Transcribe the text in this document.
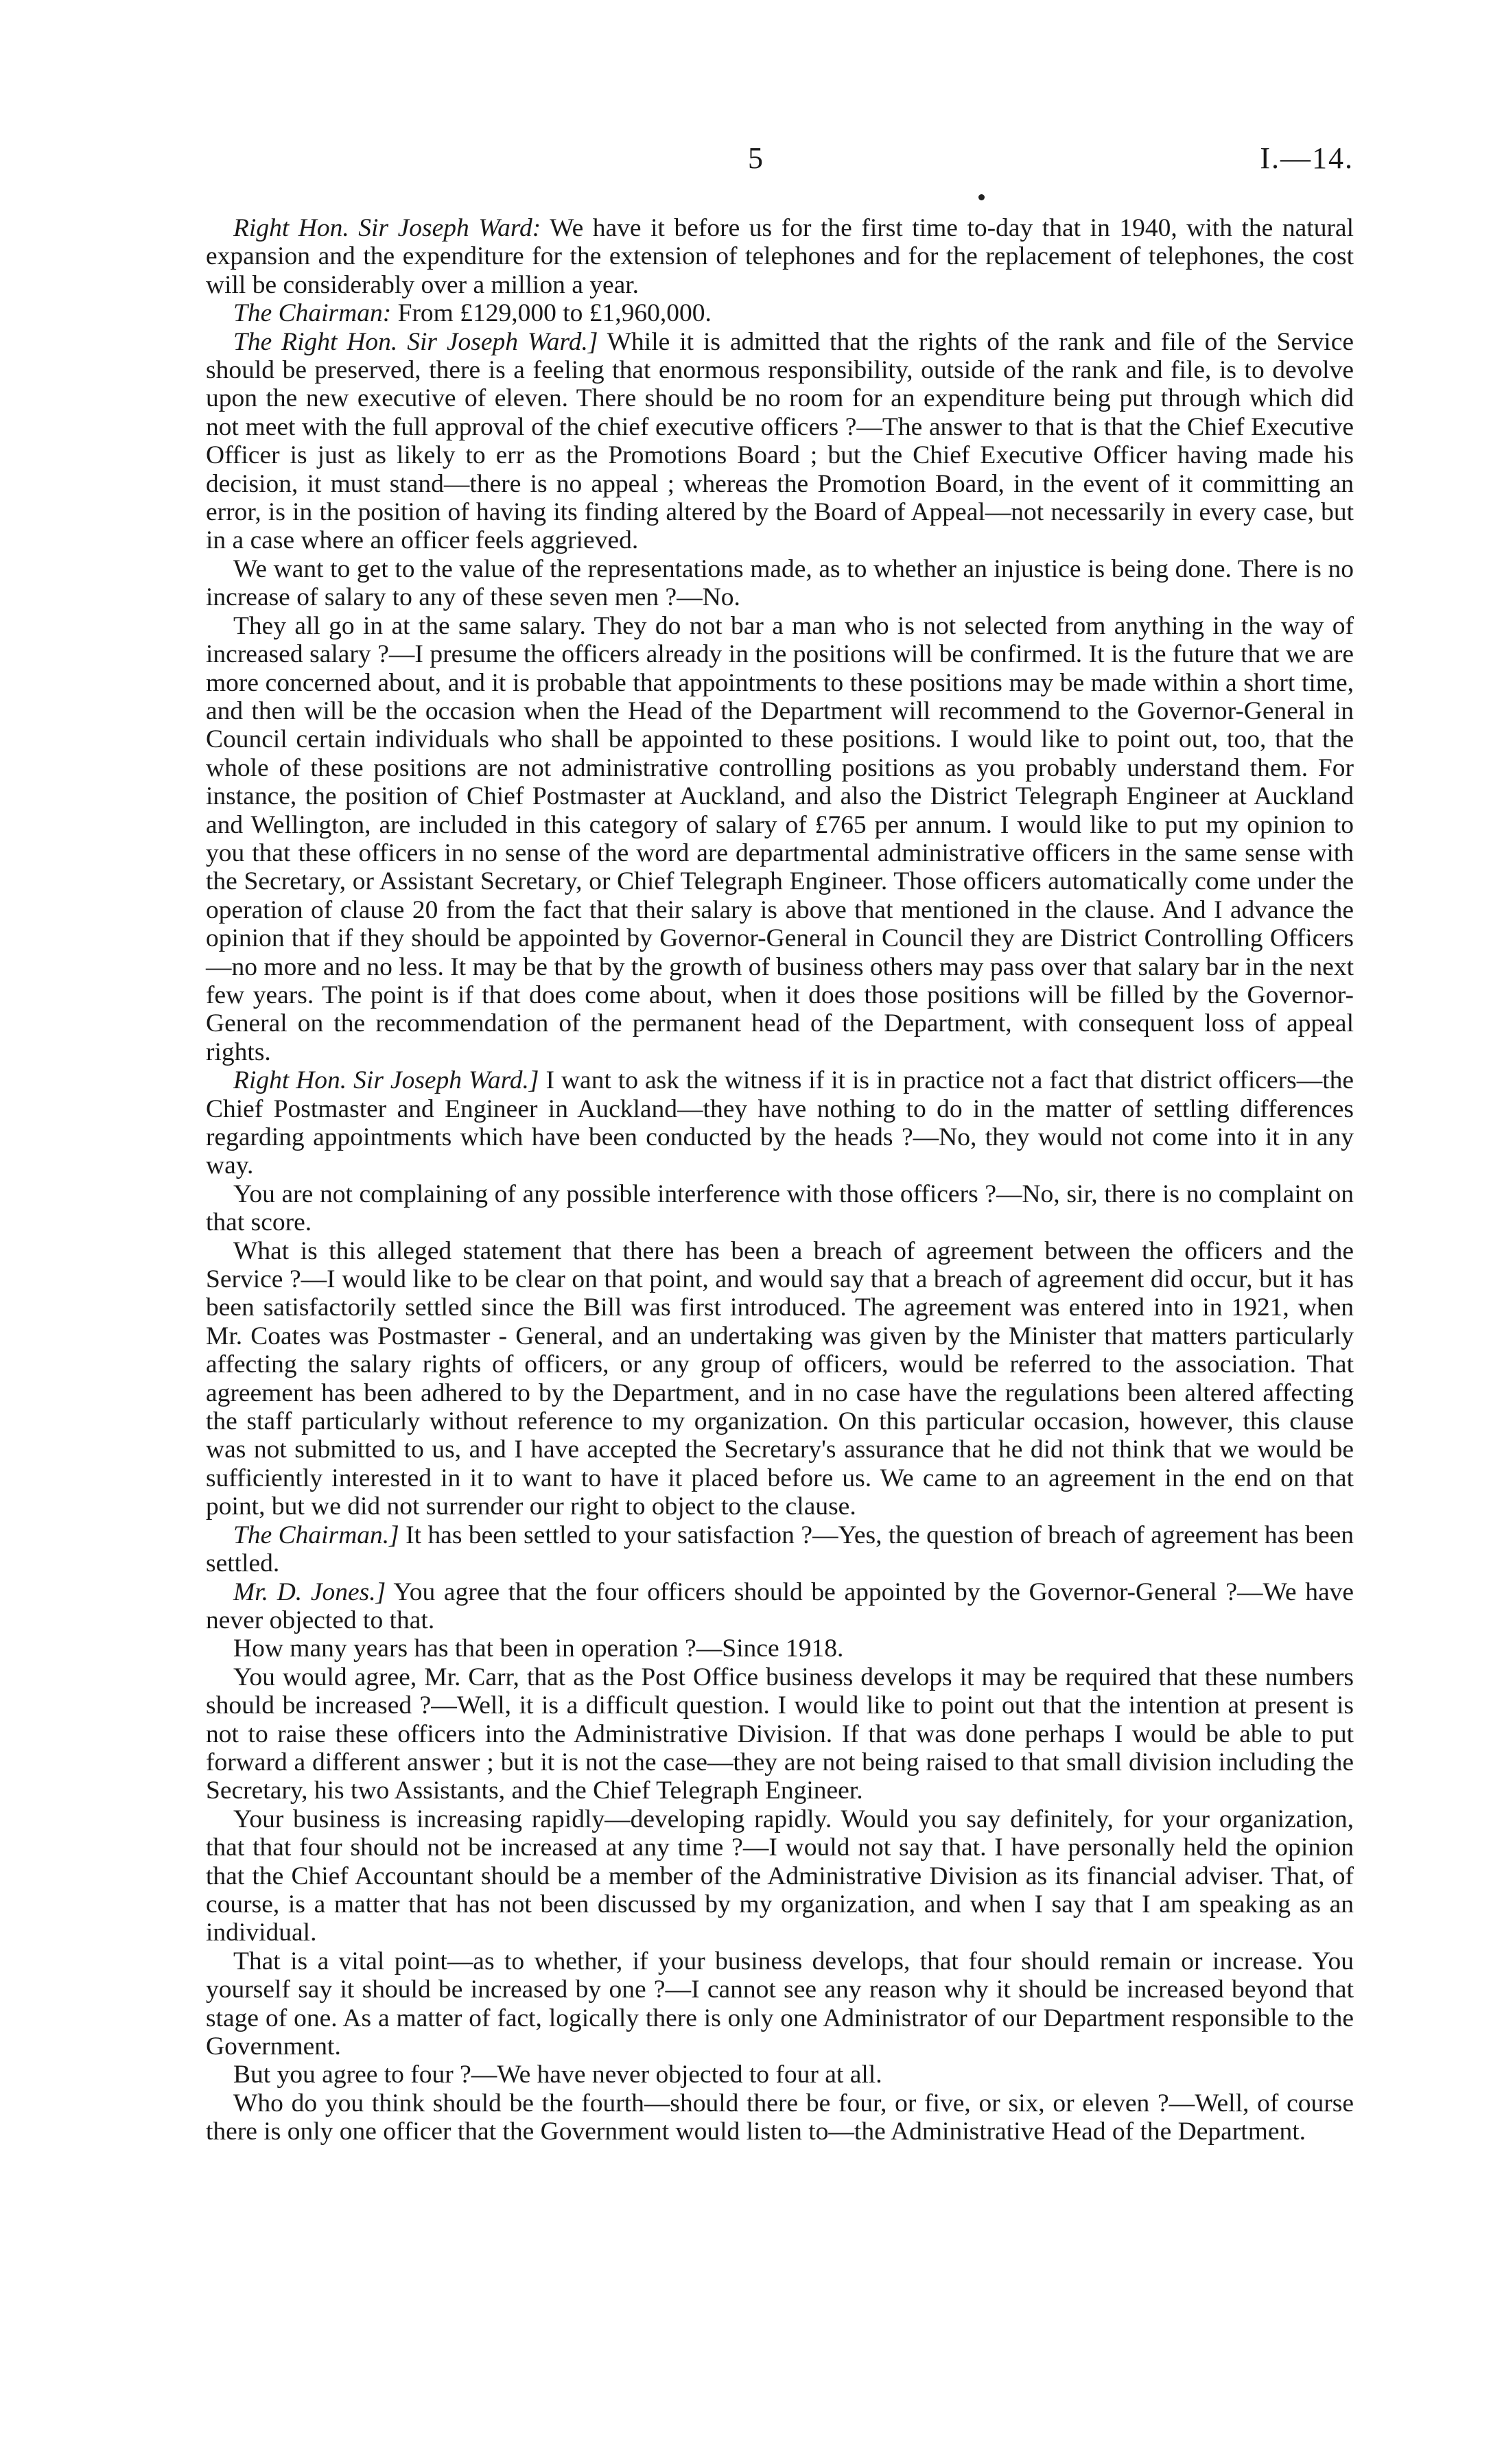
5	I.—14.

Right Hon. Sir Joseph Ward: We have it before us for the first time to-day that in 1940, with the natural expansion and the expenditure for the extension of telephones and for the replacement of telephones, the cost will be considerably over a million a year.

The Chairman: From £129,000 to £1,960,000.

The Right Hon. Sir Joseph Ward.] While it is admitted that the rights of the rank and file of the Service should be preserved, there is a feeling that enormous responsibility, outside of the rank and file, is to devolve upon the new executive of eleven. There should be no room for an expenditure being put through which did not meet with the full approval of the chief executive officers ?—The answer to that is that the Chief Executive Officer is just as likely to err as the Promotions Board ; but the Chief Executive Officer having made his decision, it must stand—there is no appeal ; whereas the Promotion Board, in the event of it committing an error, is in the position of having its finding altered by the Board of Appeal—not necessarily in every case, but in a case where an officer feels aggrieved.

We want to get to the value of the representations made, as to whether an injustice is being done. There is no increase of salary to any of these seven men ?—No.

They all go in at the same salary. They do not bar a man who is not selected from anything in the way of increased salary ?—I presume the officers already in the positions will be confirmed. It is the future that we are more concerned about, and it is probable that appointments to these positions may be made within a short time, and then will be the occasion when the Head of the Department will recommend to the Governor-General in Council certain individuals who shall be appointed to these positions. I would like to point out, too, that the whole of these positions are not administrative controlling positions as you probably understand them. For instance, the position of Chief Postmaster at Auckland, and also the District Telegraph Engineer at Auckland and Wellington, are included in this category of salary of £765 per annum. I would like to put my opinion to you that these officers in no sense of the word are departmental administrative officers in the same sense with the Secretary, or Assistant Secretary, or Chief Telegraph Engineer. Those officers automatically come under the operation of clause 20 from the fact that their salary is above that mentioned in the clause. And I advance the opinion that if they should be appointed by Governor-General in Council they are District Controlling Officers—no more and no less. It may be that by the growth of business others may pass over that salary bar in the next few years. The point is if that does come about, when it does those positions will be filled by the Governor-General on the recommendation of the permanent head of the Department, with consequent loss of appeal rights.

Right Hon. Sir Joseph Ward.] I want to ask the witness if it is in practice not a fact that district officers—the Chief Postmaster and Engineer in Auckland—they have nothing to do in the matter of settling differences regarding appointments which have been conducted by the heads ?—No, they would not come into it in any way.

You are not complaining of any possible interference with those officers ?—No, sir, there is no complaint on that score.

What is this alleged statement that there has been a breach of agreement between the officers and the Service ?—I would like to be clear on that point, and would say that a breach of agreement did occur, but it has been satisfactorily settled since the Bill was first introduced. The agreement was entered into in 1921, when Mr. Coates was Postmaster - General, and an undertaking was given by the Minister that matters particularly affecting the salary rights of officers, or any group of officers, would be referred to the association. That agreement has been adhered to by the Department, and in no case have the regulations been altered affecting the staff particularly without reference to my organization. On this particular occasion, however, this clause was not submitted to us, and I have accepted the Secretary's assurance that he did not think that we would be sufficiently interested in it to want to have it placed before us. We came to an agreement in the end on that point, but we did not surrender our right to object to the clause.

The Chairman.] It has been settled to your satisfaction ?—Yes, the question of breach of agreement has been settled.

Mr. D. Jones.] You agree that the four officers should be appointed by the Governor-General ?—We have never objected to that.

How many years has that been in operation ?—Since 1918.

You would agree, Mr. Carr, that as the Post Office business develops it may be required that these numbers should be increased ?—Well, it is a difficult question. I would like to point out that the intention at present is not to raise these officers into the Administrative Division. If that was done perhaps I would be able to put forward a different answer ; but it is not the case—they are not being raised to that small division including the Secretary, his two Assistants, and the Chief Telegraph Engineer.

Your business is increasing rapidly—developing rapidly. Would you say definitely, for your organization, that that four should not be increased at any time ?—I would not say that. I have personally held the opinion that the Chief Accountant should be a member of the Administrative Division as its financial adviser. That, of course, is a matter that has not been discussed by my organization, and when I say that I am speaking as an individual.

That is a vital point—as to whether, if your business develops, that four should remain or increase. You yourself say it should be increased by one ?—I cannot see any reason why it should be increased beyond that stage of one. As a matter of fact, logically there is only one Administrator of our Department responsible to the Government.

But you agree to four ?—We have never objected to four at all.

Who do you think should be the fourth—should there be four, or five, or six, or eleven ?—Well, of course there is only one officer that the Government would listen to—the Administrative Head of the Department.
